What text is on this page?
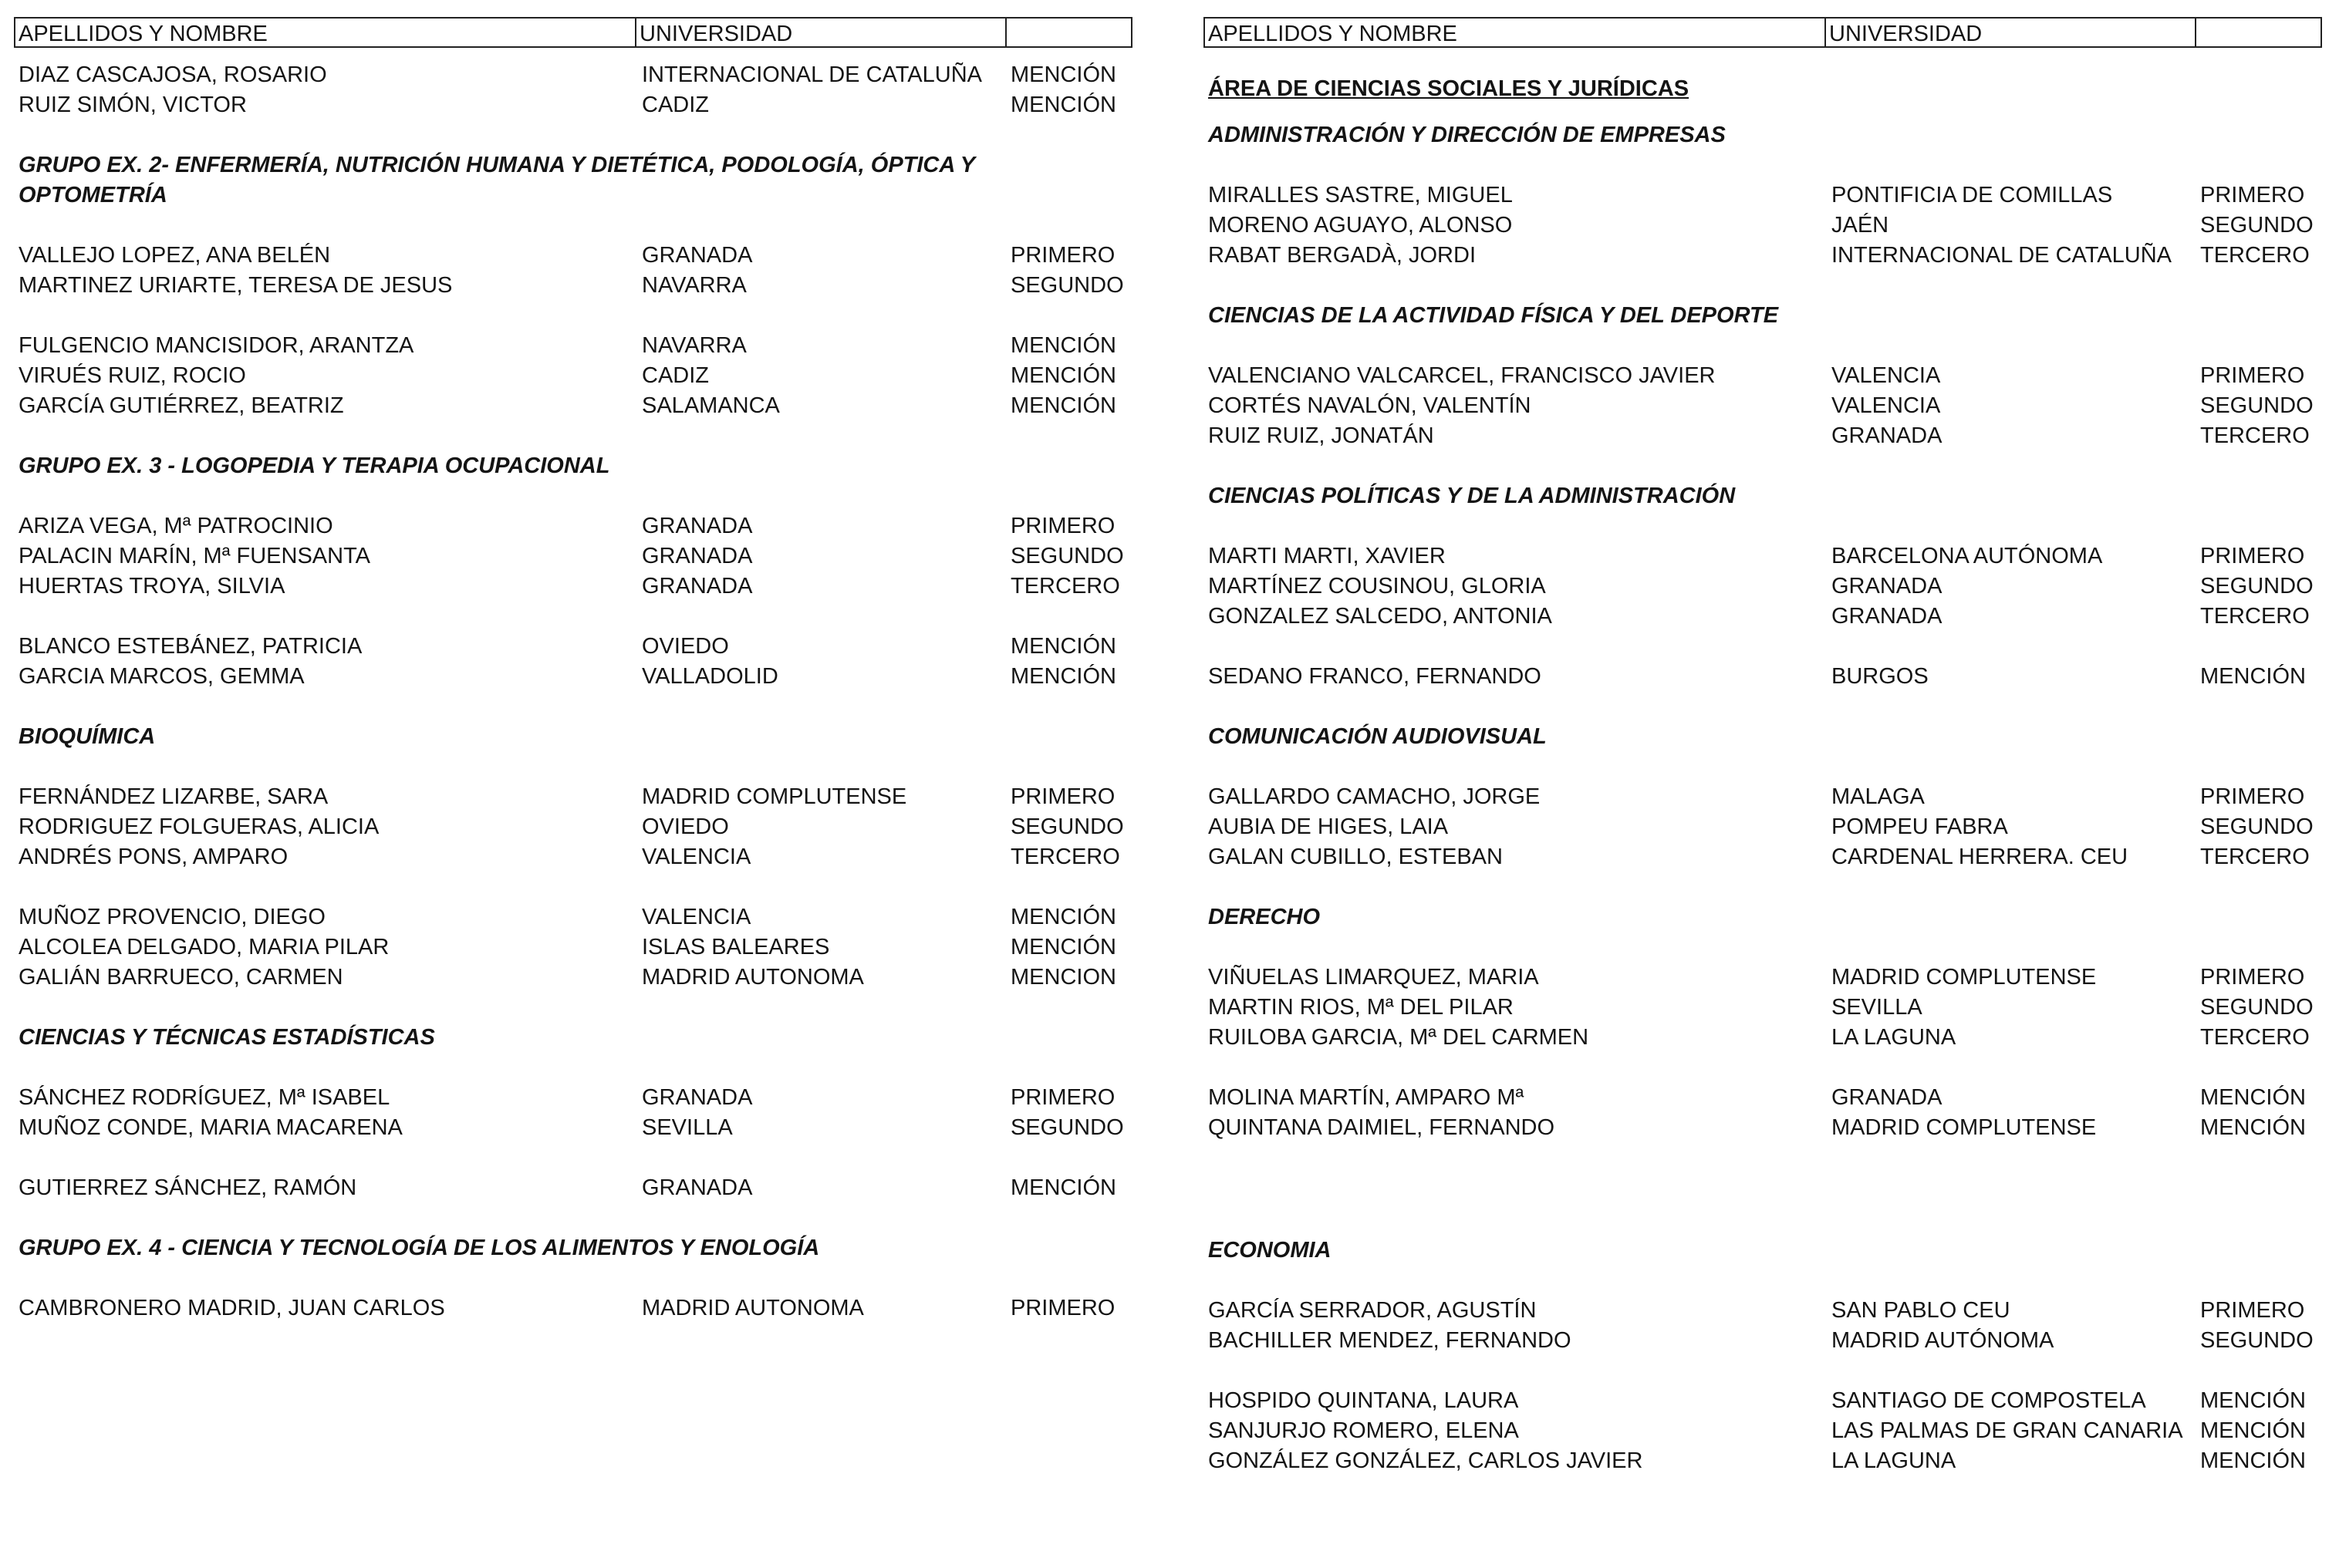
APELLIDOS Y NOMBRE	UNIVERSIDAD
DIAZ CASCAJOSA, ROSARIO	INTERNACIONAL DE CATALUÑA	MENCIÓN
RUIZ SIMÓN, VICTOR	CADIZ	MENCIÓN
GRUPO EX. 2- ENFERMERÍA, NUTRICIÓN HUMANA Y DIETÉTICA, PODOLOGÍA, ÓPTICA Y OPTOMETRÍA
VALLEJO LOPEZ, ANA BELÉN	GRANADA	PRIMERO
MARTINEZ URIARTE, TERESA DE JESUS	NAVARRA	SEGUNDO
FULGENCIO MANCISIDOR, ARANTZA	NAVARRA	MENCIÓN
VIRUÉS RUIZ, ROCIO	CADIZ	MENCIÓN
GARCÍA GUTIÉRREZ, BEATRIZ	SALAMANCA	MENCIÓN
GRUPO EX. 3 - LOGOPEDIA Y TERAPIA OCUPACIONAL
ARIZA VEGA, Mª PATROCINIO	GRANADA	PRIMERO
PALACIN MARÍN, Mª FUENSANTA	GRANADA	SEGUNDO
HUERTAS TROYA, SILVIA	GRANADA	TERCERO
BLANCO ESTEBÁNEZ, PATRICIA	OVIEDO	MENCIÓN
GARCIA MARCOS, GEMMA	VALLADOLID	MENCIÓN
BIOQUÍMICA
FERNÁNDEZ LIZARBE, SARA	MADRID COMPLUTENSE	PRIMERO
RODRIGUEZ FOLGUERAS, ALICIA	OVIEDO	SEGUNDO
ANDRÉS PONS, AMPARO	VALENCIA	TERCERO
MUÑOZ PROVENCIO, DIEGO	VALENCIA	MENCIÓN
ALCOLEA DELGADO, MARIA PILAR	ISLAS BALEARES	MENCIÓN
GALIÁN BARRUECO, CARMEN	MADRID AUTONOMA	MENCION
CIENCIAS Y TÉCNICAS ESTADÍSTICAS
SÁNCHEZ RODRÍGUEZ, Mª ISABEL	GRANADA	PRIMERO
MUÑOZ CONDE, MARIA MACARENA	SEVILLA	SEGUNDO
GUTIERREZ SÁNCHEZ, RAMÓN	GRANADA	MENCIÓN
GRUPO EX. 4 - CIENCIA Y TECNOLOGÍA DE LOS ALIMENTOS Y ENOLOGÍA
CAMBRONERO MADRID, JUAN CARLOS	MADRID AUTONOMA	PRIMERO
APELLIDOS Y NOMBRE	UNIVERSIDAD
ÁREA DE CIENCIAS SOCIALES Y JURÍDICAS
ADMINISTRACIÓN Y DIRECCIÓN DE EMPRESAS
MIRALLES SASTRE, MIGUEL	PONTIFICIA DE COMILLAS	PRIMERO
MORENO AGUAYO, ALONSO	JAÉN	SEGUNDO
RABAT BERGADÀ, JORDI	INTERNACIONAL DE CATALUÑA	TERCERO
CIENCIAS DE LA ACTIVIDAD FÍSICA Y DEL DEPORTE
VALENCIANO VALCARCEL, FRANCISCO JAVIER	VALENCIA	PRIMERO
CORTÉS NAVALÓN, VALENTÍN	VALENCIA	SEGUNDO
RUIZ RUIZ, JONATÁN	GRANADA	TERCERO
CIENCIAS POLÍTICAS Y DE LA ADMINISTRACIÓN
MARTI MARTI, XAVIER	BARCELONA AUTÓNOMA	PRIMERO
MARTÍNEZ COUSINOU, GLORIA	GRANADA	SEGUNDO
GONZALEZ SALCEDO, ANTONIA	GRANADA	TERCERO
SEDANO FRANCO, FERNANDO	BURGOS	MENCIÓN
COMUNICACIÓN AUDIOVISUAL
GALLARDO CAMACHO, JORGE	MALAGA	PRIMERO
AUBIA DE HIGES, LAIA	POMPEU FABRA	SEGUNDO
GALAN CUBILLO, ESTEBAN	CARDENAL HERRERA. CEU	TERCERO
DERECHO
VIÑUELAS LIMARQUEZ, MARIA	MADRID COMPLUTENSE	PRIMERO
MARTIN RIOS, Mª DEL PILAR	SEVILLA	SEGUNDO
RUILOBA GARCIA, Mª DEL CARMEN	LA LAGUNA	TERCERO
MOLINA MARTÍN, AMPARO Mª	GRANADA	MENCIÓN
QUINTANA DAIMIEL, FERNANDO	MADRID COMPLUTENSE	MENCIÓN
ECONOMIA
GARCÍA SERRADOR, AGUSTÍN	SAN PABLO CEU	PRIMERO
BACHILLER MENDEZ, FERNANDO	MADRID AUTÓNOMA	SEGUNDO
HOSPIDO QUINTANA, LAURA	SANTIAGO DE COMPOSTELA	MENCIÓN
SANJURJO ROMERO, ELENA	LAS PALMAS DE GRAN CANARIA MENCIÓN
GONZÁLEZ GONZÁLEZ, CARLOS JAVIER	LA LAGUNA	MENCIÓN
